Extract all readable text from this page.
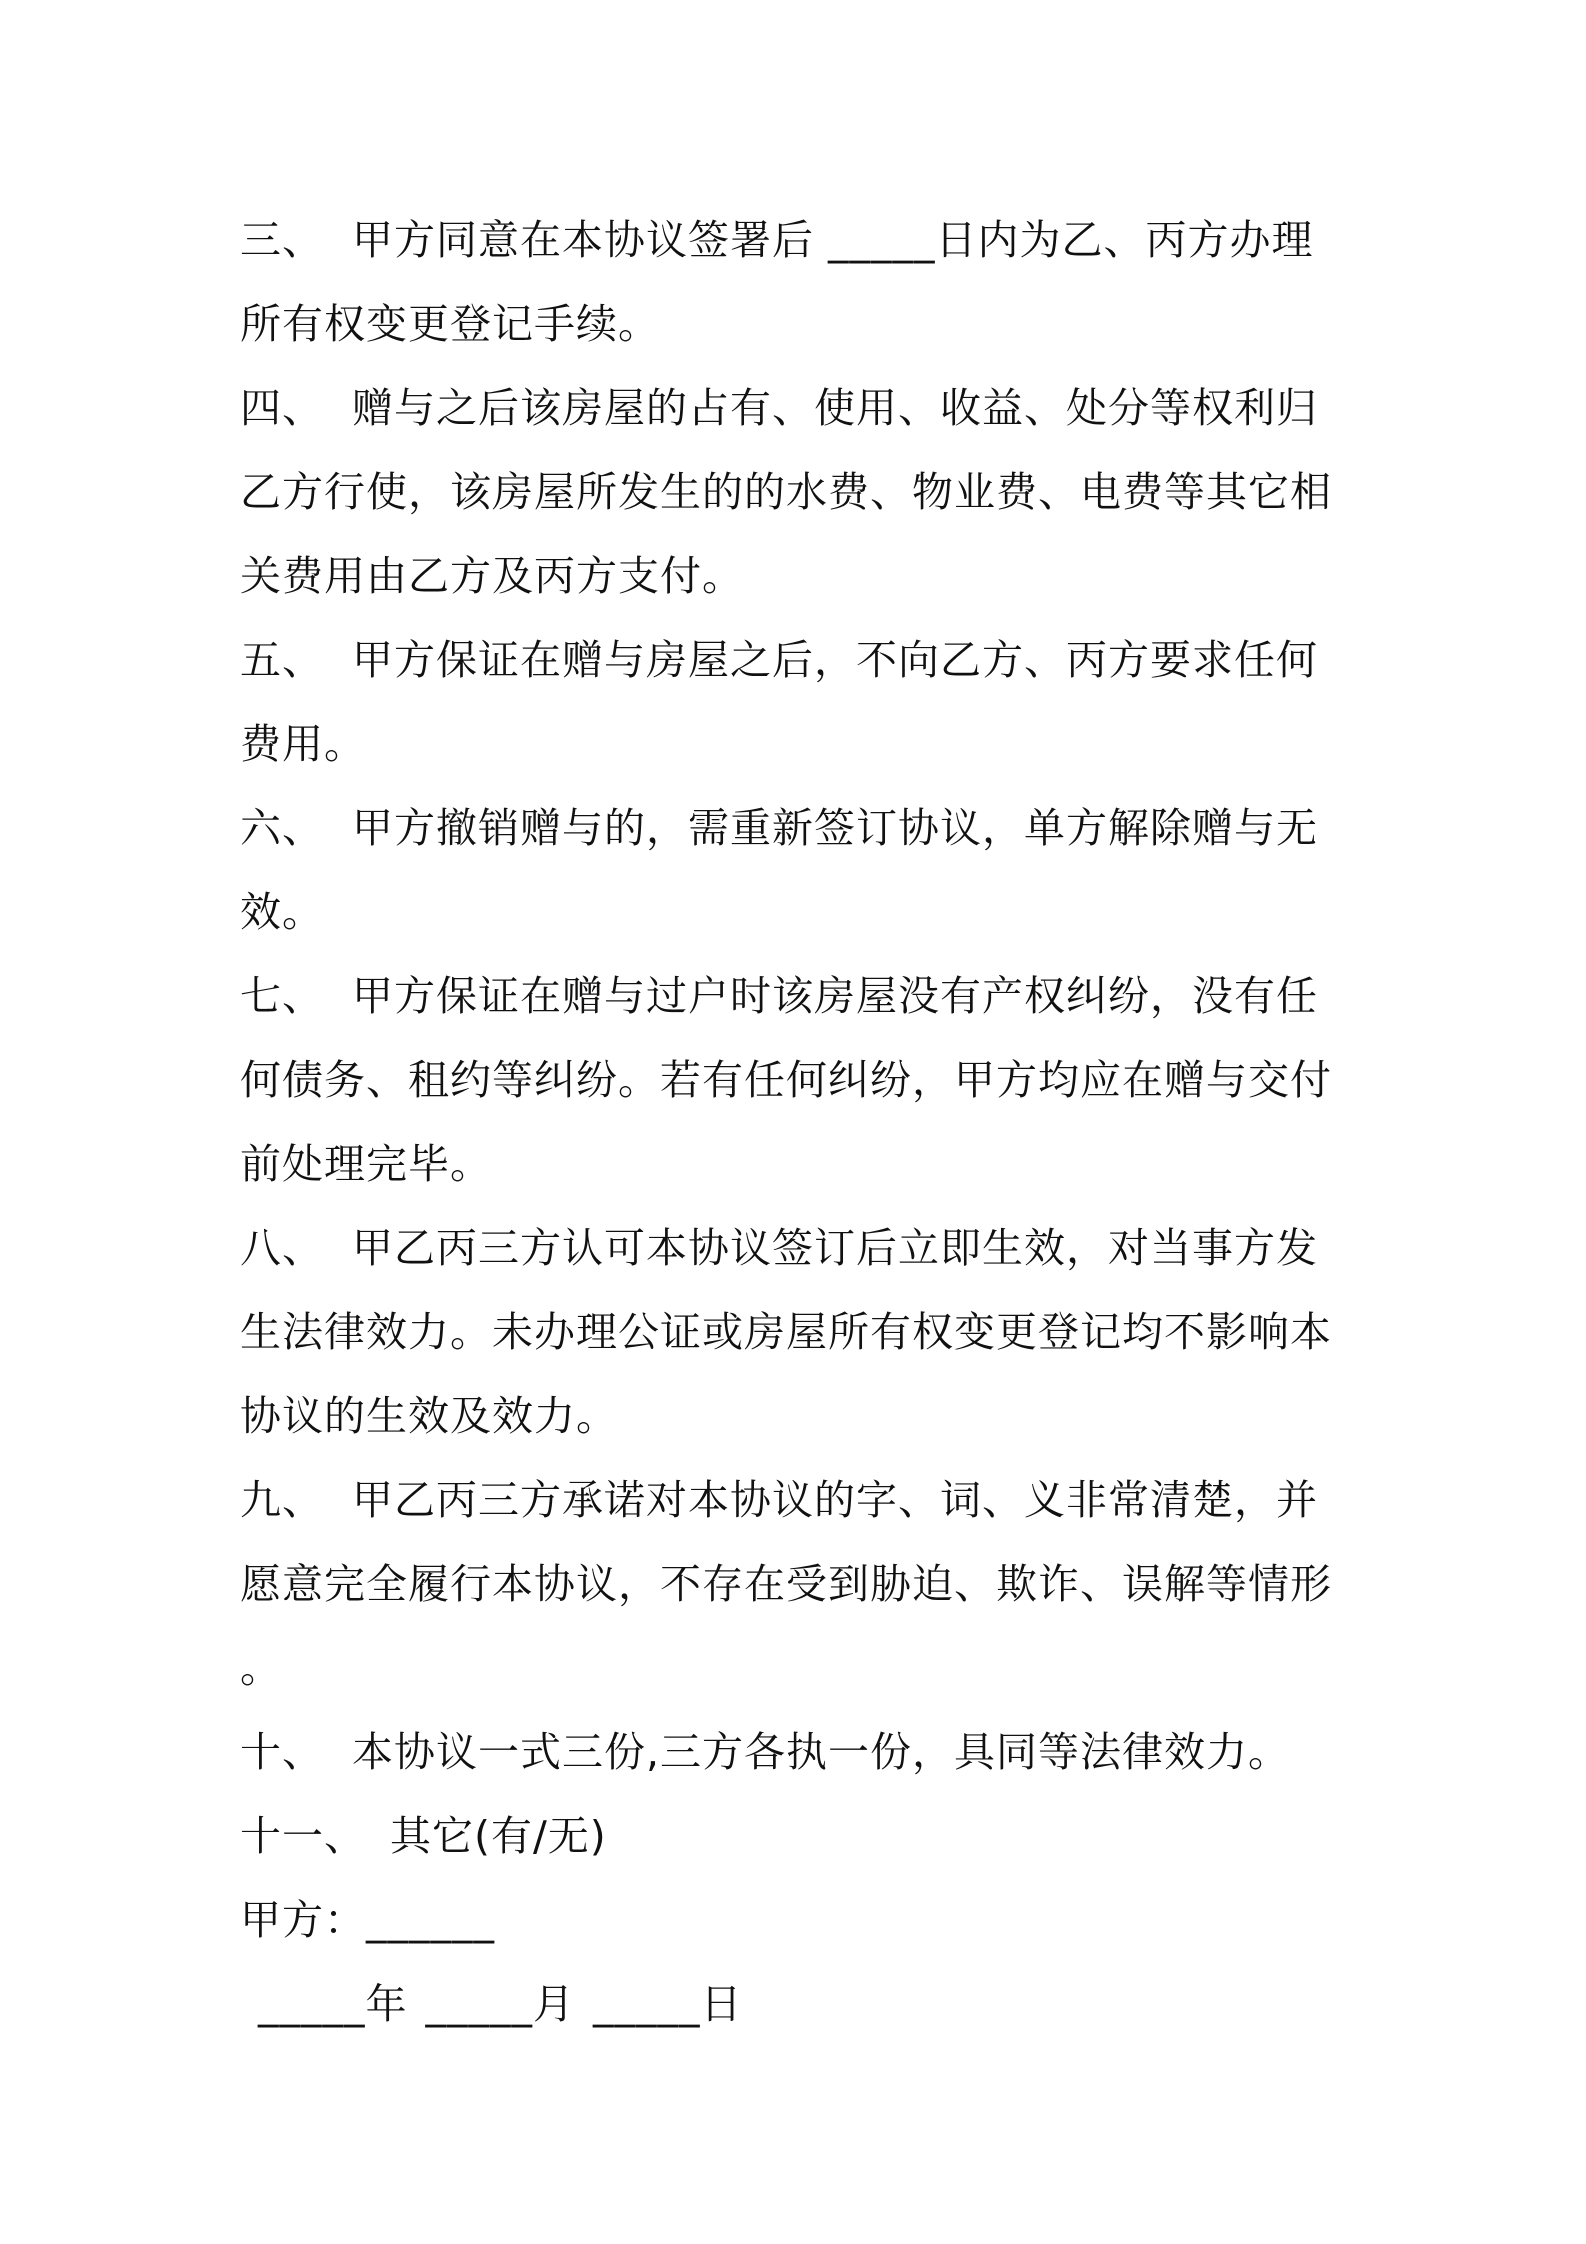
三、 甲方同意在本协议签署后 _____日内为乙、丙方办理
所有权变更登记手续。
四、 赠与之后该房屋的占有、使用、收益、处分等权利归
乙方行使，该房屋所发生的的水费、物业费、电费等其它相
关费用由乙方及丙方支付。
五、 甲方保证在赠与房屋之后，不向乙方、丙方要求任何
费用。
六、 甲方撤销赠与的，需重新签订协议，单方解除赠与无
效。
七、 甲方保证在赠与过户时该房屋没有产权纠纷，没有任
何债务、租约等纠纷。若有任何纠纷，甲方均应在赠与交付
前处理完毕。
八、 甲乙丙三方认可本协议签订后立即生效，对当事方发
生法律效力。未办理公证或房屋所有权变更登记均不影响本
协议的生效及效力。
九、 甲乙丙三方承诺对本协议的字、词、义非常清楚，并
愿意完全履行本协议，不存在受到胁迫、欺诈、误解等情形
。
十、 本协议一式三份,三方各执一份，具同等法律效力。
十一、 其它(有/无)
甲方：______
_____年 _____月 _____日
